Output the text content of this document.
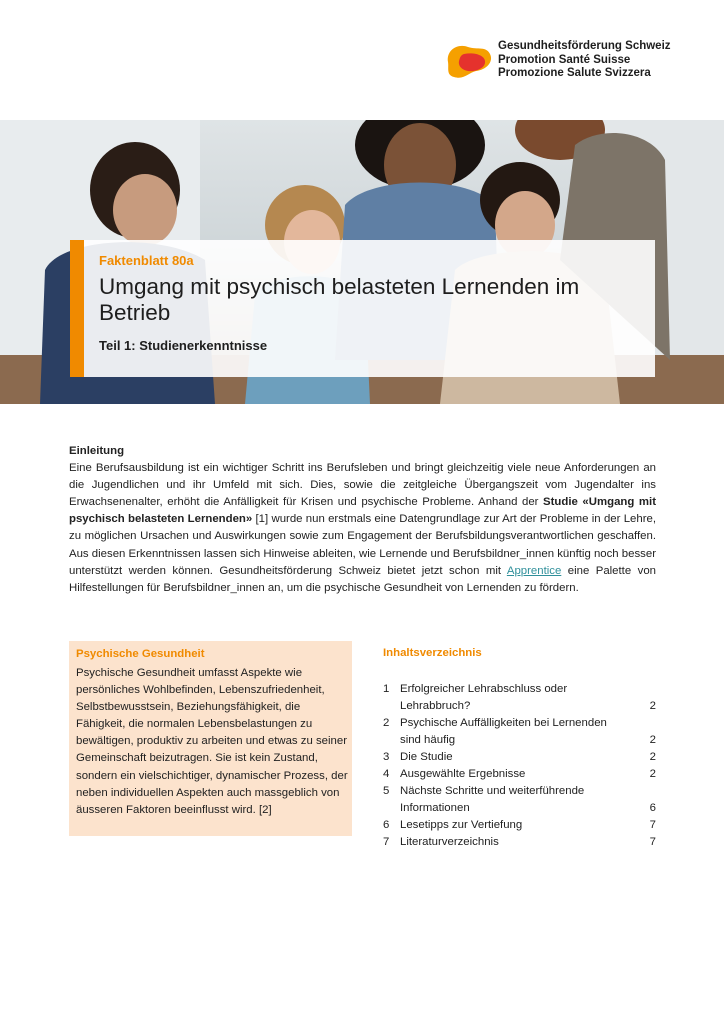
Gesundheitsförderung Schweiz
Promotion Santé Suisse
Promozione Salute Svizzera
Faktenblatt 80a
Umgang mit psychisch belasteten Lernenden im Betrieb
Teil 1: Studienerkenntnisse
Einleitung

Eine Berufsausbildung ist ein wichtiger Schritt ins Berufsleben und bringt gleichzeitig viele neue Anforderungen an die Jugendlichen und ihr Umfeld mit sich. Dies, sowie die zeitgleiche Übergangszeit vom Jugendalter ins Erwachsenenalter, erhöht die Anfälligkeit für Krisen und psychische Probleme. Anhand der Studie «Umgang mit psychisch belasteten Lernenden» [1] wurde nun erstmals eine Datengrundlage zur Art der Probleme in der Lehre, zu möglichen Ursachen und Auswirkungen sowie zum Engagement der Berufsbildungsverantwortlichen geschaffen. Aus diesen Erkenntnissen lassen sich Hinweise ableiten, wie Lernende und Berufsbildner_innen künftig noch besser unterstützt werden können. Gesundheitsförderung Schweiz bietet jetzt schon mit Apprentice eine Palette von Hilfestellungen für Berufsbildner_innen an, um die psychische Gesundheit von Lernenden zu fördern.

Psychische Gesundheit
Psychische Gesundheit umfasst Aspekte wie persönliches Wohlbefinden, Lebenszufriedenheit, Selbstbewusstsein, Beziehungsfähigkeit, die Fähigkeit, die normalen Lebensbelastungen zu bewältigen, produktiv zu arbeiten und etwas zu seiner Gemeinschaft beizutragen. Sie ist kein Zustand, sondern ein vielschichtiger, dynamischer Prozess, der neben individuellen Aspekten auch massgeblich von äusseren Faktoren beeinflusst wird. [2]
Inhaltsverzeichnis
1 Erfolgreicher Lehrabschluss oder Lehrabbruch?	2
2 Psychische Auffälligkeiten bei Lernenden sind häufig	2
3 Die Studie	2
4 Ausgewählte Ergebnisse	2
5 Nächste Schritte und weiterführende Informationen	6
6 Lesetipps zur Vertiefung	7
7 Literaturverzeichnis	7
